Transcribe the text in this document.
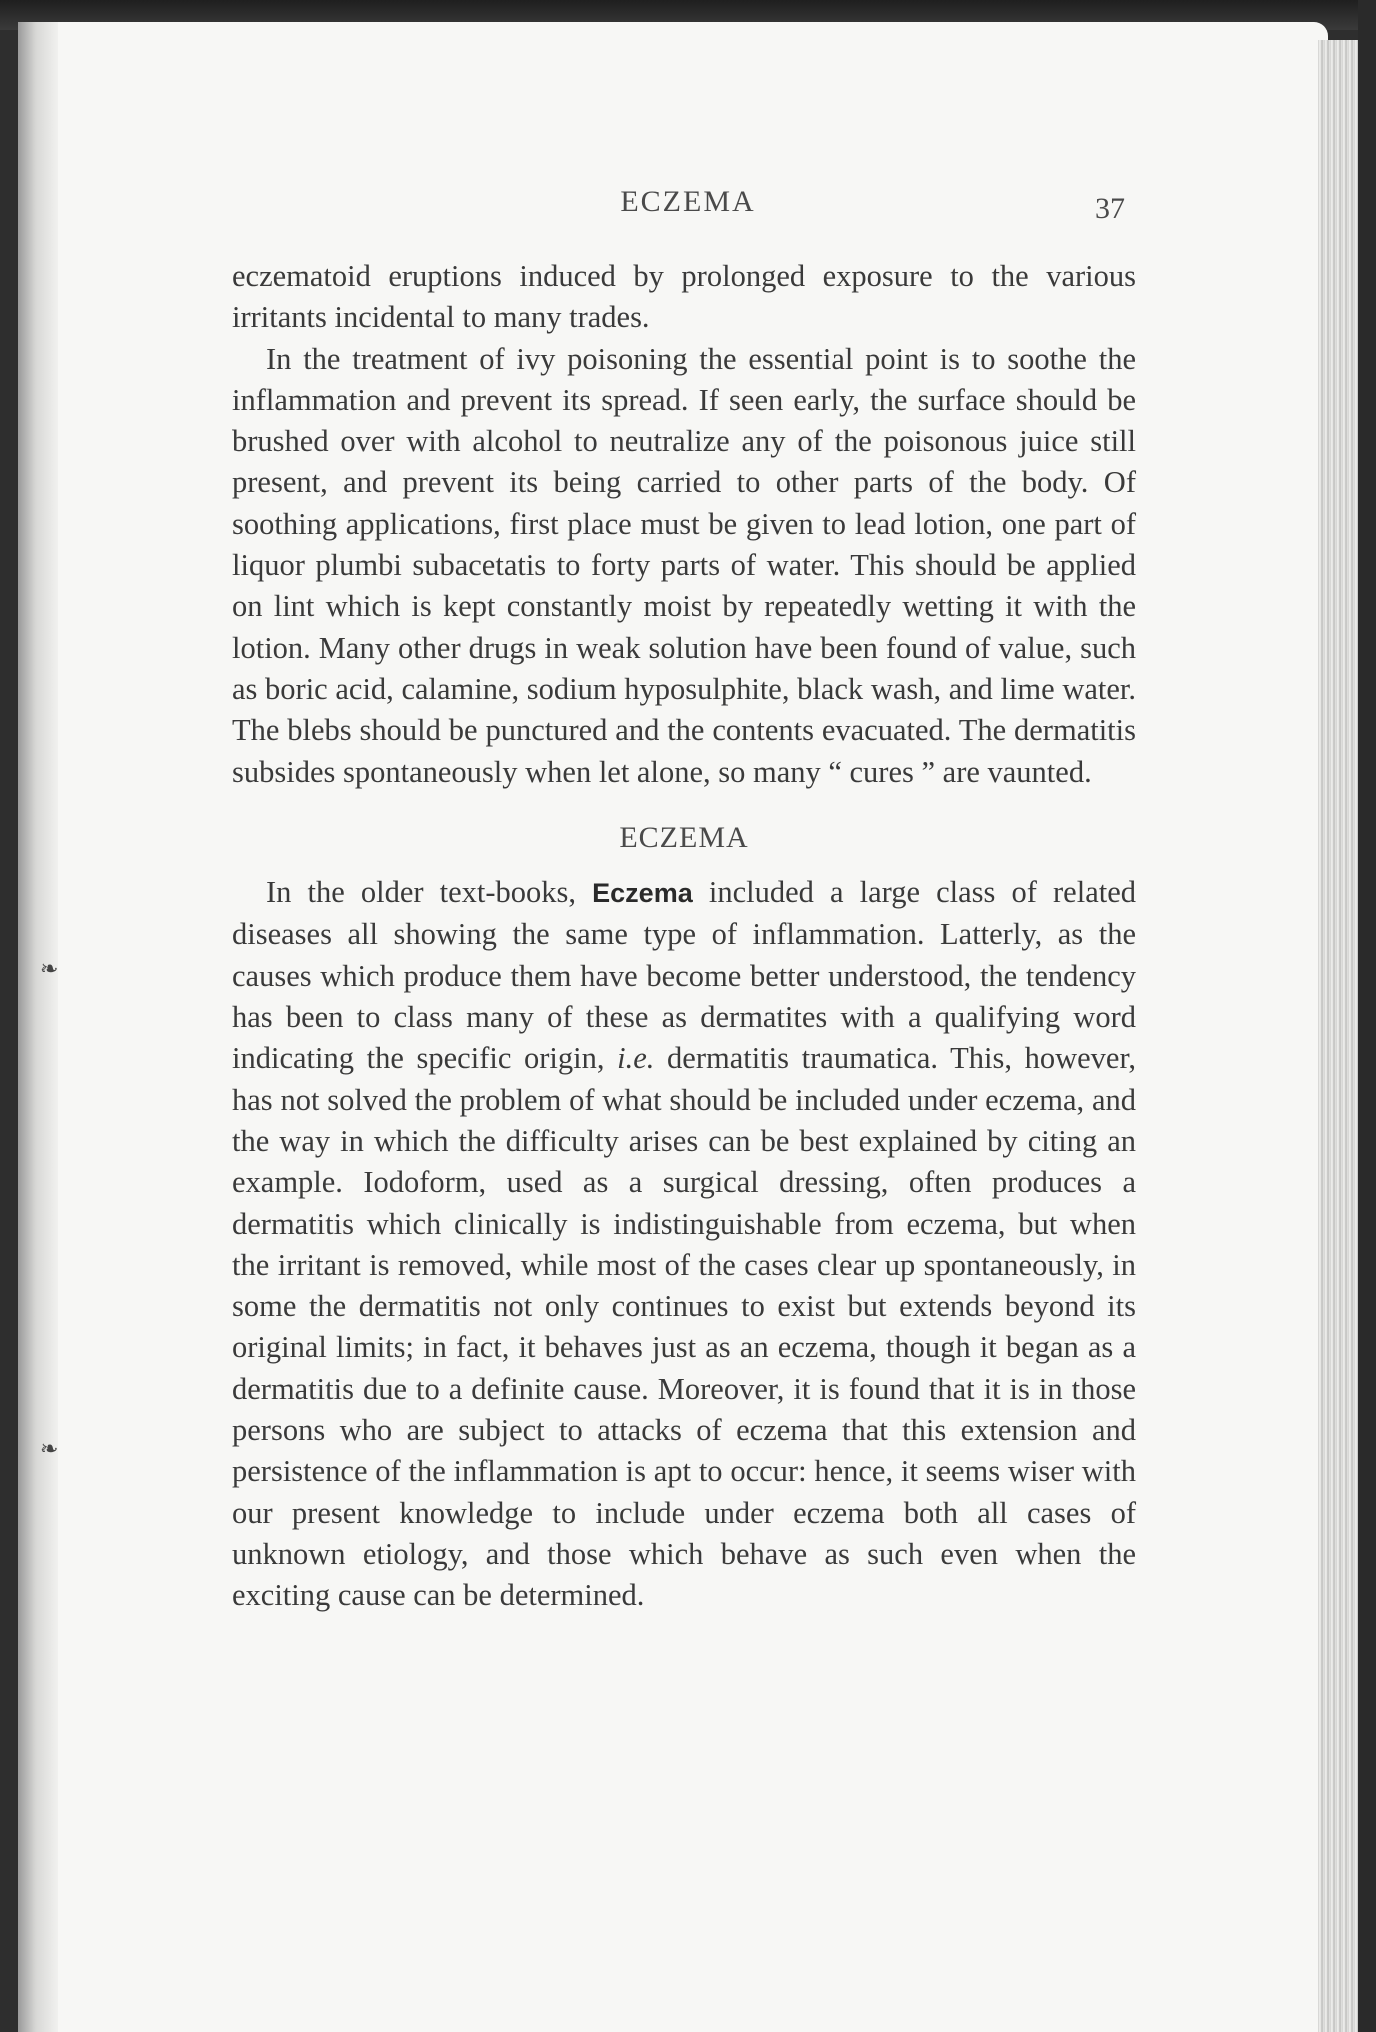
❧
❧
ECZEMA	37

eczematoid eruptions induced by prolonged exposure to the various irritants incidental to many trades.

In the treatment of ivy poisoning the essential point is to soothe the inflammation and prevent its spread. If seen early, the surface should be brushed over with alcohol to neutralize any of the poisonous juice still present, and prevent its being carried to other parts of the body. Of soothing applications, first place must be given to lead lotion, one part of liquor plumbi subacetatis to forty parts of water. This should be applied on lint which is kept constantly moist by repeatedly wetting it with the lotion. Many other drugs in weak solution have been found of value, such as boric acid, calamine, sodium hyposulphite, black wash, and lime water. The blebs should be punctured and the contents evacuated. The dermatitis subsides spontaneously when let alone, so many “ cures ” are vaunted.

ECZEMA

In the older text-books, Eczema included a large class of related diseases all showing the same type of inflammation. Latterly, as the causes which produce them have become better understood, the tendency has been to class many of these as dermatites with a qualifying word indicating the specific origin, i.e. dermatitis traumatica. This, however, has not solved the problem of what should be included under eczema, and the way in which the difficulty arises can be best explained by citing an example. Iodoform, used as a surgical dressing, often produces a dermatitis which clinically is indistinguishable from eczema, but when the irritant is removed, while most of the cases clear up spontaneously, in some the dermatitis not only continues to exist but extends beyond its original limits; in fact, it behaves just as an eczema, though it began as a dermatitis due to a definite cause. Moreover, it is found that it is in those persons who are subject to attacks of eczema that this extension and persistence of the inflammation is apt to occur: hence, it seems wiser with our present knowledge to include under eczema both all cases of unknown etiology, and those which behave as such even when the exciting cause can be determined.
